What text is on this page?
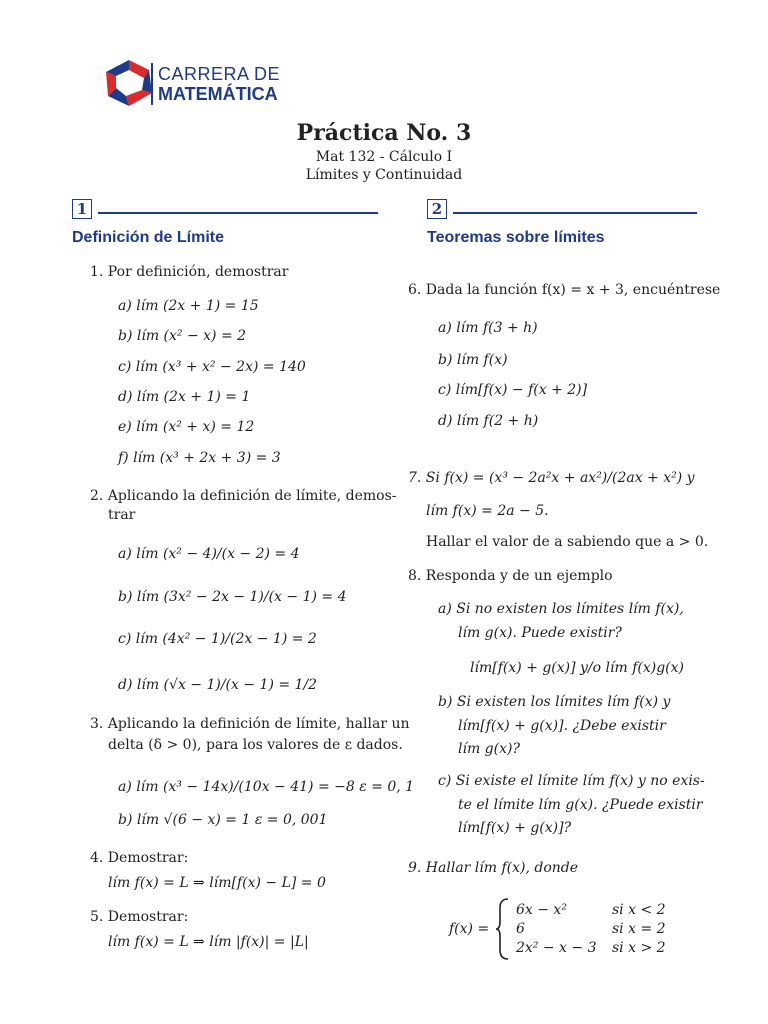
CARRERA DE
MATEMÁTICA
Práctica No. 3
Mat 132 - Cálculo I
Límites y Continuidad
1
Definición de Límite
1. Por definición, demostrar
a) lím (2x + 1) = 15
b) lím (x² − x) = 2
c) lím (x³ + x² − 2x) = 140
d) lím (2x + 1) = 1
e) lím (x² + x) = 12
f) lím (x³ + 2x + 3) = 3
2. Aplicando la definición de límite, demos-
trar
a) lím (x² − 4)/(x − 2) = 4
b) lím (3x² − 2x − 1)/(x − 1) = 4
c) lím (4x² − 1)/(2x − 1) = 2
d) lím (√x − 1)/(x − 1) = 1/2
3. Aplicando la definición de límite, hallar un
delta (δ > 0), para los valores de ε dados.
a) lím (x³ − 14x)/(10x − 41) = −8 ε = 0, 1
b) lím √(6 − x) = 1 ε = 0, 001
4. Demostrar:
lím f(x) = L ⇒ lím[f(x) − L] = 0
5. Demostrar:
lím f(x) = L ⇒ lím |f(x)| = |L|
2
Teoremas sobre límites
6. Dada la función f(x) = x + 3, encuéntrese
a) lím f(3 + h)
b) lím f(x)
c) lím[f(x) − f(x + 2)]
d) lím f(2 + h)
7. Si f(x) = (x³ − 2a²x + ax²)/(2ax + x²) y
lím f(x) = 2a − 5.
Hallar el valor de a sabiendo que a > 0.
8. Responda y de un ejemplo
a) Si no existen los límites lím f(x),
lím g(x). Puede existir?
lím[f(x) + g(x)] y/o lím f(x)g(x)
b) Si existen los límites lím f(x) y
lím[f(x) + g(x)]. ¿Debe existir
lím g(x)?
c) Si existe el límite lím f(x) y no exis-
te el límite lím g(x). ¿Puede existir
lím[f(x) + g(x)]?
9. Hallar lím f(x), donde
f(x) =
6x − x²	si x < 2
6	si x = 2
2x² − x − 3 si x > 2
